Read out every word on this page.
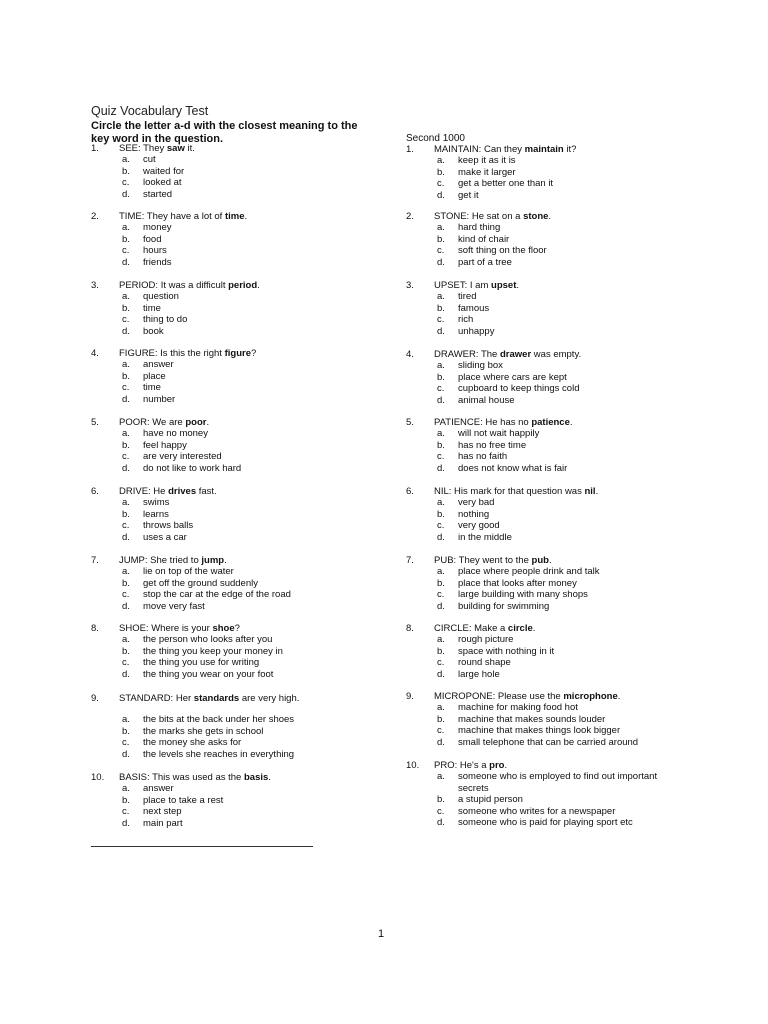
Quiz Vocabulary Test
Circle the letter a-d with the closest meaning to the key word in the question.	Second 1000
1.	SEE: They saw it.
a.	cut
b.	waited for
c.	looked at
d.	started
2.	TIME: They have a lot of time.
a.	money
b.	food
c.	hours
d.	friends
3.	PERIOD: It was a difficult period.
a.	question
b.	time
c.	thing to do
d.	book
4.	FIGURE: Is this the right figure?
a.	answer
b.	place
c.	time
d.	number
5.	POOR: We are poor.
a.	have no money
b.	feel happy
c.	are very interested
d.	do not like to work hard
6.	DRIVE: He drives fast.
a.	swims
b.	learns
c.	throws balls
d.	uses a car
7.	JUMP: She tried to jump.
a.	lie on top of the water
b.	get off the ground suddenly
c.	stop the car at the edge of the road
d.	move very fast
8.	SHOE: Where is your shoe?
a.	the person who looks after you
b.	the thing you keep your money in
c.	the thing you use for writing
d.	the thing you wear on your foot
9.	STANDARD: Her standards are very high.
a.	the bits at the back under her shoes
b.	the marks she gets in school
c.	the money she asks for
d.	the levels she reaches in everything
10.	BASIS: This was used as the basis.
a.	answer
b.	place to take a rest
c.	next step
d.	main part
1.	MAINTAIN: Can they maintain it?
a.	keep it as it is
b.	make it larger
c.	get a better one than it
d.	get it
2.	STONE: He sat on a stone.
a.	hard thing
b.	kind of chair
c.	soft thing on the floor
d.	part of a tree
3.	UPSET: I am upset.
a.	tired
b.	famous
c.	rich
d.	unhappy
4.	DRAWER: The drawer was empty.
a.	sliding box
b.	place where cars are kept
c.	cupboard to keep things cold
d.	animal house
5.	PATIENCE: He has no patience.
a.	will not wait happily
b.	has no free time
c.	has no faith
d.	does not know what is fair
6.	NIL: His mark for that question was nil.
a.	very bad
b.	nothing
c.	very good
d.	in the middle
7.	PUB: They went to the pub.
a.	place where people drink and talk
b.	place that looks after money
c.	large building with many shops
d.	building for swimming
8.	CIRCLE: Make a circle.
a.	rough picture
b.	space with nothing in it
c.	round shape
d.	large hole
9.	MICROPONE: Please use the microphone.
a.	machine for making food hot
b.	machine that makes sounds louder
c.	machine that makes things look bigger
d.	small telephone that can be carried around
10.	PRO: He's a pro.
a.	someone who is employed to find out important secrets
b.	a stupid person
c.	someone who writes for a newspaper
d.	someone who is paid for playing sport etc
1
